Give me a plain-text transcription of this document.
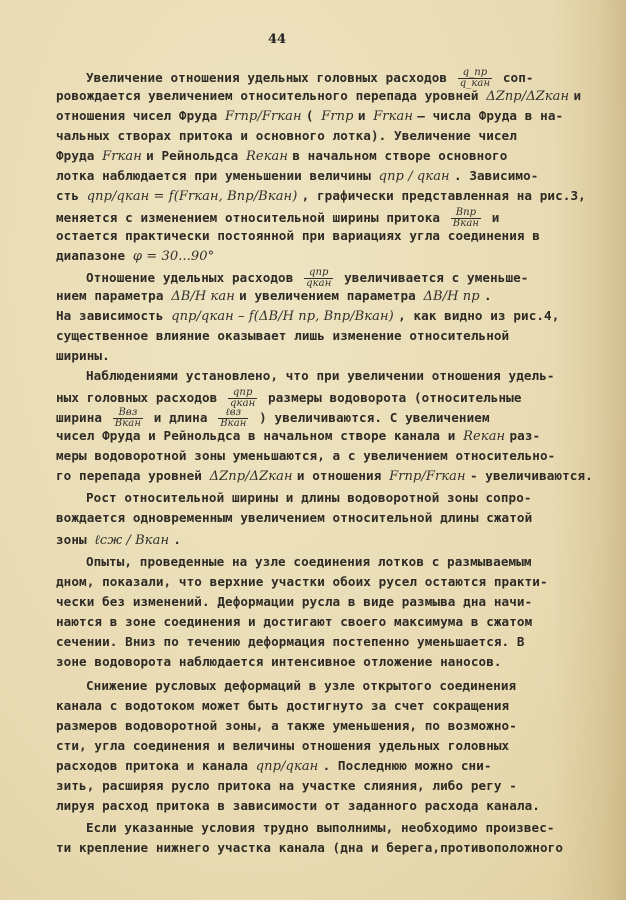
44
Увеличение отношения удельных головных расходов $\frac{q\_пр}{\text{q\_кан}} соп-$
ровождается увеличением относительного перепада уровней ΔZпр/ΔZкан и
отношения чисел Фруда Frпр/Frкан ( Frпр и Frкан – числа Фруда в на-
чальных створах притока и основного лотка). Увеличение чисел
Фруда Frкан и Рейнольдса Reкан в начальном створе основного
лотка наблюдается при уменьшении величины qпр / qкан . Зависимо-
сть qпр/qкан = f(Frкан, Bпр/Bкан) , графически представленная на рис.3,
меняется с изменением относительной ширины притока $\frac{\text{Bпр}}{\text{Bкан}}$ и
остается практически постоянной при вариациях угла соединения в
диапазоне φ = 30...90°
Отношение удельных расходов $\frac{\text{qпр}}{\text{qкан}}$ увеличивается с уменьше-
нием параметра ΔB/H кан и увеличением параметра ΔB/H пр .
На зависимость qпр/qкан – f(ΔB/H пр, Bпр/Bкан) , как видно из рис.4,
существенное влияние оказывает лишь изменение относительной
ширины.
Наблюдениями установлено, что при увеличении отношения удель-
ных головных расходов $\frac{\text{qпр}}{\text{qкан}}$ размеры водоворота (относительные
ширина $\frac{\text{Bвз}}{\text{Bкан}}$ и длина $\frac{\text{ℓвз}}{\text{Bкан}}$ ) увеличиваются. С увеличением
чисел Фруда и Рейнольдса в начальном створе канала и Reкан раз-
меры водоворотной зоны уменьшаются, а с увеличением относительно-
го перепада уровней ΔZпр/ΔZкан и отношения Frпр/Frкан - увеличиваются.
Рост относительной ширины и длины водоворотной зоны сопро-
вождается одновременным увеличением относительной длины сжатой
зоны ℓсж / Bкан .
Опыты, проведенные на узле соединения лотков с размываемым
дном, показали, что верхние участки обоих русел остаются практи-
чески без изменений. Деформации русла в виде размыва дна начи-
наются в зоне соединения и достигают своего максимума в сжатом
сечении. Вниз по течению деформация постепенно уменьшается. В
зоне водоворота наблюдается интенсивное отложение наносов.
Снижение русловых деформаций в узле открытого соединения
канала с водотоком может быть достигнуто за счет сокращения
размеров водоворотной зоны, а также уменьшения, по возможно-
сти, угла соединения и величины отношения удельных головных
расходов притока и канала qпр/qкан . Последнюю можно сни-
зить, расширяя русло притока на участке слияния, либо регу -
лируя расход притока в зависимости от заданного расхода канала.
Если указанные условия трудно выполнимы, необходимо произвес-
ти крепление нижнего участка канала (дна и берега,противоположного
